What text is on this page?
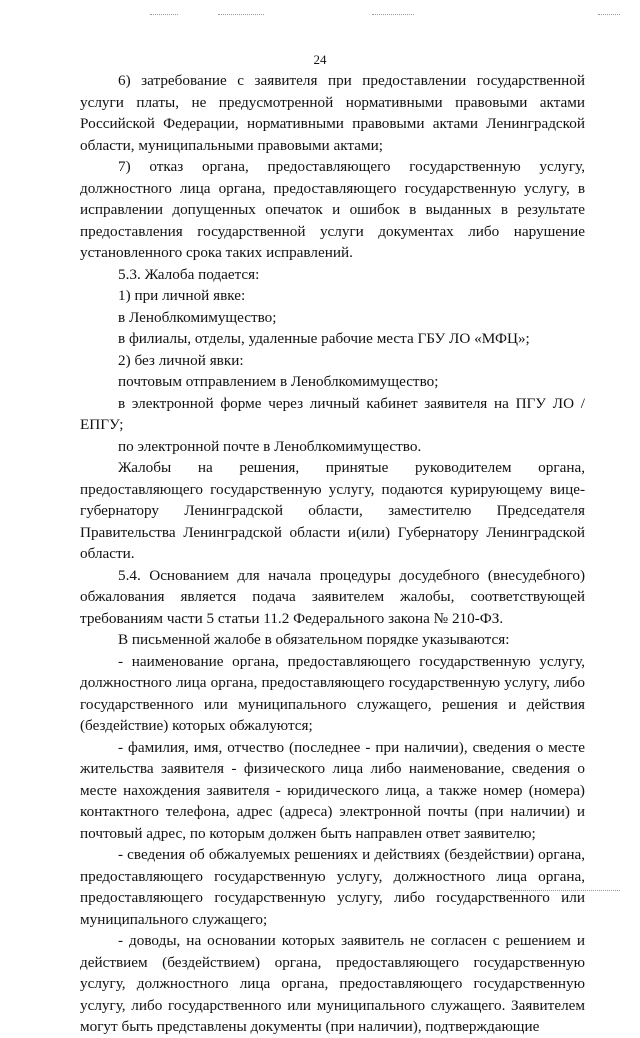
24

6) затребование с заявителя при предоставлении государственной услуги платы, не предусмотренной нормативными правовыми актами Российской Федерации, нормативными правовыми актами Ленинградской области, муниципальными правовыми актами;

7) отказ органа, предоставляющего государственную услугу, должностного лица органа, предоставляющего государственную услугу, в исправлении допущенных опечаток и ошибок в выданных в результате предоставления государственной услуги документах либо нарушение установленного срока таких исправлений.

5.3. Жалоба подается:

1) при личной явке:

в Леноблкомимущество;

в филиалы, отделы, удаленные рабочие места ГБУ ЛО «МФЦ»;

2) без личной явки:

почтовым отправлением в Леноблкомимущество;

в электронной форме через личный кабинет заявителя на ПГУ ЛО /ЕПГУ;

по электронной почте в Леноблкомимущество.

Жалобы на решения, принятые руководителем органа, предоставляющего государственную услугу, подаются курирующему вице-губернатору Ленинградской области, заместителю Председателя Правительства Ленинградской области и(или) Губернатору Ленинградской области.

5.4. Основанием для начала процедуры досудебного (внесудебного) обжалования является подача заявителем жалобы, соответствующей требованиям части 5 статьи 11.2 Федерального закона № 210-ФЗ.

В письменной жалобе в обязательном порядке указываются:

- наименование органа, предоставляющего государственную услугу, должностного лица органа, предоставляющего государственную услугу, либо государственного или муниципального служащего, решения и действия (бездействие) которых обжалуются;

- фамилия, имя, отчество (последнее - при наличии), сведения о месте жительства заявителя - физического лица либо наименование, сведения о месте нахождения заявителя - юридического лица, а также номер (номера) контактного телефона, адрес (адреса) электронной почты (при наличии) и почтовый адрес, по которым должен быть направлен ответ заявителю;

- сведения об обжалуемых решениях и действиях (бездействии) органа, предоставляющего государственную услугу, должностного лица органа, предоставляющего государственную услугу, либо государственного или муниципального служащего;

- доводы, на основании которых заявитель не согласен с решением и действием (бездействием) органа, предоставляющего государственную услугу, должностного лица органа, предоставляющего государственную услугу, либо государственного или муниципального служащего. Заявителем могут быть представлены документы (при наличии), подтверждающие
